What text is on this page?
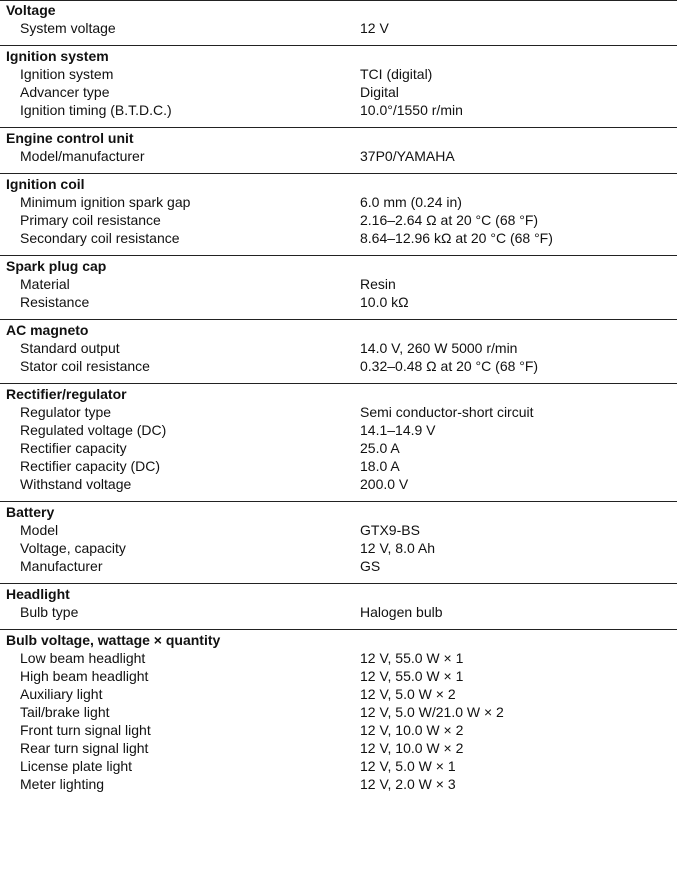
Voltage
System voltage	12 V
Ignition system
Ignition system	TCI (digital)
Advancer type	Digital
Ignition timing (B.T.D.C.)	10.0°/1550 r/min
Engine control unit
Model/manufacturer	37P0/YAMAHA
Ignition coil
Minimum ignition spark gap	6.0 mm (0.24 in)
Primary coil resistance	2.16–2.64 Ω at 20 °C (68 °F)
Secondary coil resistance	8.64–12.96 kΩ at 20 °C (68 °F)
Spark plug cap
Material	Resin
Resistance	10.0 kΩ
AC magneto
Standard output	14.0 V, 260 W 5000 r/min
Stator coil resistance	0.32–0.48 Ω at 20 °C (68 °F)
Rectifier/regulator
Regulator type	Semi conductor-short circuit
Regulated voltage (DC)	14.1–14.9 V
Rectifier capacity	25.0 A
Rectifier capacity (DC)	18.0 A
Withstand voltage	200.0 V
Battery
Model	GTX9-BS
Voltage, capacity	12 V, 8.0 Ah
Manufacturer	GS
Headlight
Bulb type	Halogen bulb
Bulb voltage, wattage × quantity
Low beam headlight	12 V, 55.0 W × 1
High beam headlight	12 V, 55.0 W × 1
Auxiliary light	12 V, 5.0 W × 2
Tail/brake light	12 V, 5.0 W/21.0 W × 2
Front turn signal light	12 V, 10.0 W × 2
Rear turn signal light	12 V, 10.0 W × 2
License plate light	12 V, 5.0 W × 1
Meter lighting	12 V, 2.0 W × 3
